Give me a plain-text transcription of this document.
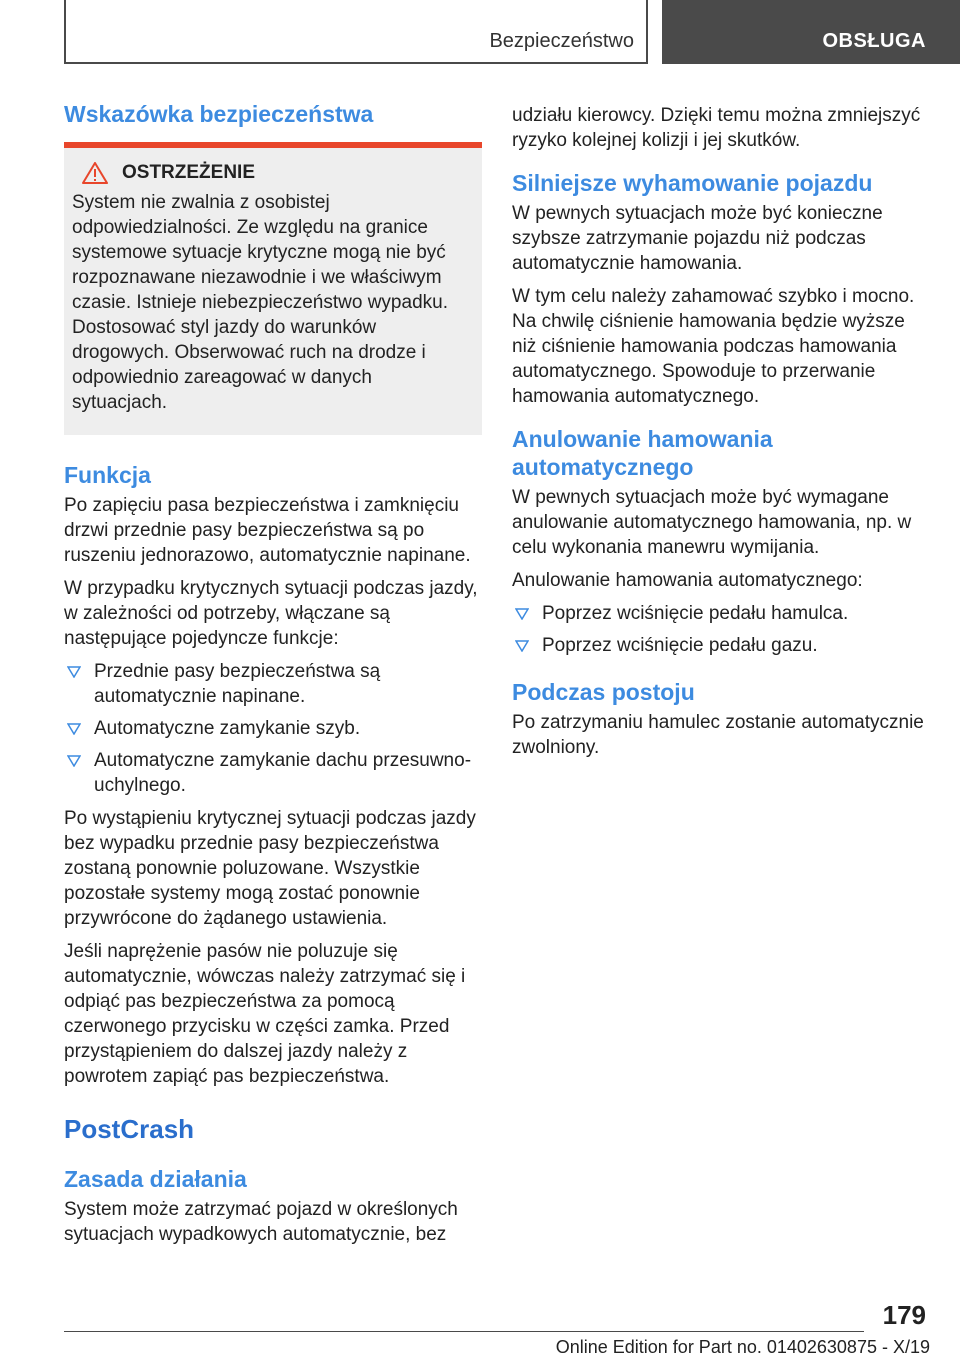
Bezpieczeństwo	OBSŁUGA
Wskazówka bezpieczeństwa
OSTRZEŻENIE

System nie zwalnia z osobistej odpowiedzialności. Ze względu na granice systemowe sytuacje krytyczne mogą nie być rozpoznawane niezawodnie i we właściwym czasie. Istnieje niebezpieczeństwo wypadku. Dostosować styl jazdy do warunków drogowych. Obserwować ruch na drodze i odpowiednio zareagować w danych sytuacjach.

Funkcja

Po zapięciu pasa bezpieczeństwa i zamknięciu drzwi przednie pasy bezpieczeństwa są po ruszeniu jednorazowo, automatycznie napinane.

W przypadku krytycznych sytuacji podczas jazdy, w zależności od potrzeby, włączane są następujące pojedyncze funkcje:

Przednie pasy bezpieczeństwa są automatycznie napinane.
Automatyczne zamykanie szyb.
Automatyczne zamykanie dachu przesuwno-uchylnego.

Po wystąpieniu krytycznej sytuacji podczas jazdy bez wypadku przednie pasy bezpieczeństwa zostaną ponownie poluzowane. Wszystkie pozostałe systemy mogą zostać ponownie przywrócone do żądanego ustawienia.

Jeśli naprężenie pasów nie poluzuje się automatycznie, wówczas należy zatrzymać się i odpiąć pas bezpieczeństwa za pomocą czerwonego przycisku w części zamka. Przed przystąpieniem do dalszej jazdy należy z powrotem zapiąć pas bezpieczeństwa.

PostCrash
Zasada działania

System może zatrzymać pojazd w określonych sytuacjach wypadkowych automatycznie, bez

udziału kierowcy. Dzięki temu można zmniejszyć ryzyko kolejnej kolizji i jej skutków.

Silniejsze wyhamowanie pojazdu

W pewnych sytuacjach może być konieczne szybsze zatrzymanie pojazdu niż podczas automatycznie hamowania.

W tym celu należy zahamować szybko i mocno. Na chwilę ciśnienie hamowania będzie wyższe niż ciśnienie hamowania podczas hamowania automatycznego. Spowoduje to przerwanie hamowania automatycznego.

Anulowanie hamowania automatycznego

W pewnych sytuacjach może być wymagane anulowanie automatycznego hamowania, np. w celu wykonania manewru wymijania.

Anulowanie hamowania automatycznego:

Poprzez wciśnięcie pedału hamulca.
Poprzez wciśnięcie pedału gazu.
Podczas postoju

Po zatrzymaniu hamulec zostanie automatycznie zwolniony.

179
Online Edition for Part no. 01402630875 - X/19
